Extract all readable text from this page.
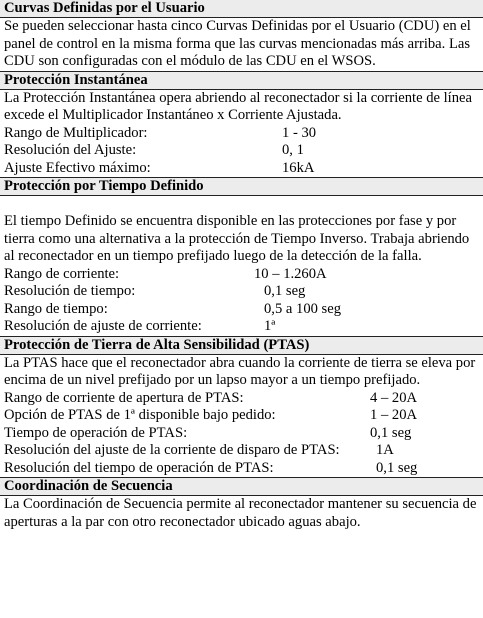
Curvas Definidas por el Usuario

Se pueden seleccionar hasta cinco Curvas Definidas por el Usuario (CDU) en el panel de control en la misma forma que las curvas mencionadas más arriba. Las CDU son configuradas con el módulo de las CDU en el WSOS.

Protección Instantánea

La Protección Instantánea opera abriendo al reconectador si la corriente de línea excede el Multiplicador Instantáneo x Corriente Ajustada.

Rango de Multiplicador:	1 - 30
Resolución del Ajuste:	0, 1
Ajuste Efectivo máximo:	16kA
Protección por Tiempo Definido

El tiempo Definido se encuentra disponible en las protecciones por fase y por tierra como una alternativa a la protección de Tiempo Inverso. Trabaja abriendo al reconectador en un tiempo prefijado luego de la detección de la falla.

Rango de corriente:	10 – 1.260A
Resolución de tiempo:	0,1 seg
Rango de tiempo:	0,5 a 100 seg
Resolución de ajuste de corriente:	1ª
Protección de Tierra de Alta Sensibilidad (PTAS)

La PTAS hace que el reconectador abra cuando la corriente de tierra se eleva por encima de un nivel prefijado por un lapso mayor a un tiempo prefijado.

Rango de corriente de apertura de PTAS:	4 – 20A
Opción de PTAS de 1ª disponible bajo pedido:	1 – 20A
Tiempo de operación de PTAS:	0,1 seg
Resolución del ajuste de la corriente de disparo de PTAS: 1A
Resolución del tiempo de operación de PTAS:	0,1 seg
Coordinación de Secuencia

La Coordinación de Secuencia permite al reconectador mantener su secuencia de aperturas a la par con otro reconectador ubicado aguas abajo.
